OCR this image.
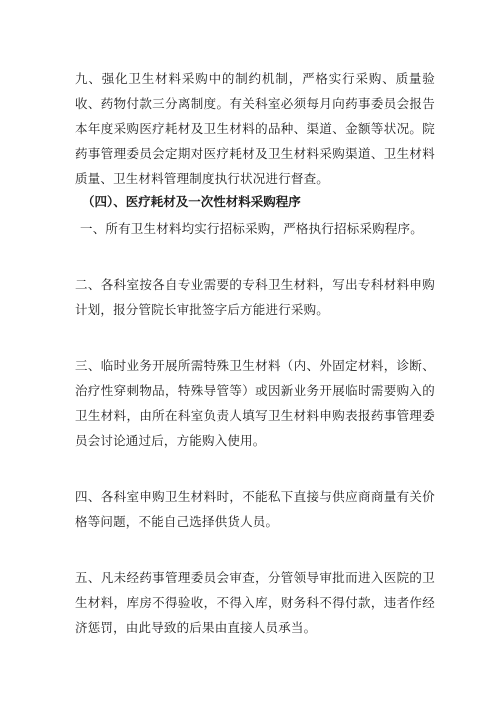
九、强化卫生材料采购中的制约机制，严格实行采购、质量验收、药物付款三分离制度。有关科室必须每月向药事委员会报告本年度采购医疗耗材及卫生材料的品种、渠道、金额等状况。院药事管理委员会定期对医疗耗材及卫生材料采购渠道、卫生材料质量、卫生材料管理制度执行状况进行督查。
（四）、医疗耗材及一次性材料采购程序
一、所有卫生材料均实行招标采购，严格执行招标采购程序。
二、各科室按各自专业需要的专科卫生材料，写出专科材料申购计划，报分管院长审批签字后方能进行采购。
三、临时业务开展所需特殊卫生材料（内、外固定材料，诊断、治疗性穿刺物品，特殊导管等）或因新业务开展临时需要购入的卫生材料，由所在科室负责人填写卫生材料申购表报药事管理委员会讨论通过后，方能购入使用。
四、各科室申购卫生材料时，不能私下直接与供应商商量有关价格等问题，不能自己选择供货人员。
五、凡未经药事管理委员会审查，分管领导审批而进入医院的卫生材料，库房不得验收，不得入库，财务科不得付款，违者作经济惩罚，由此导致的后果由直接人员承当。
